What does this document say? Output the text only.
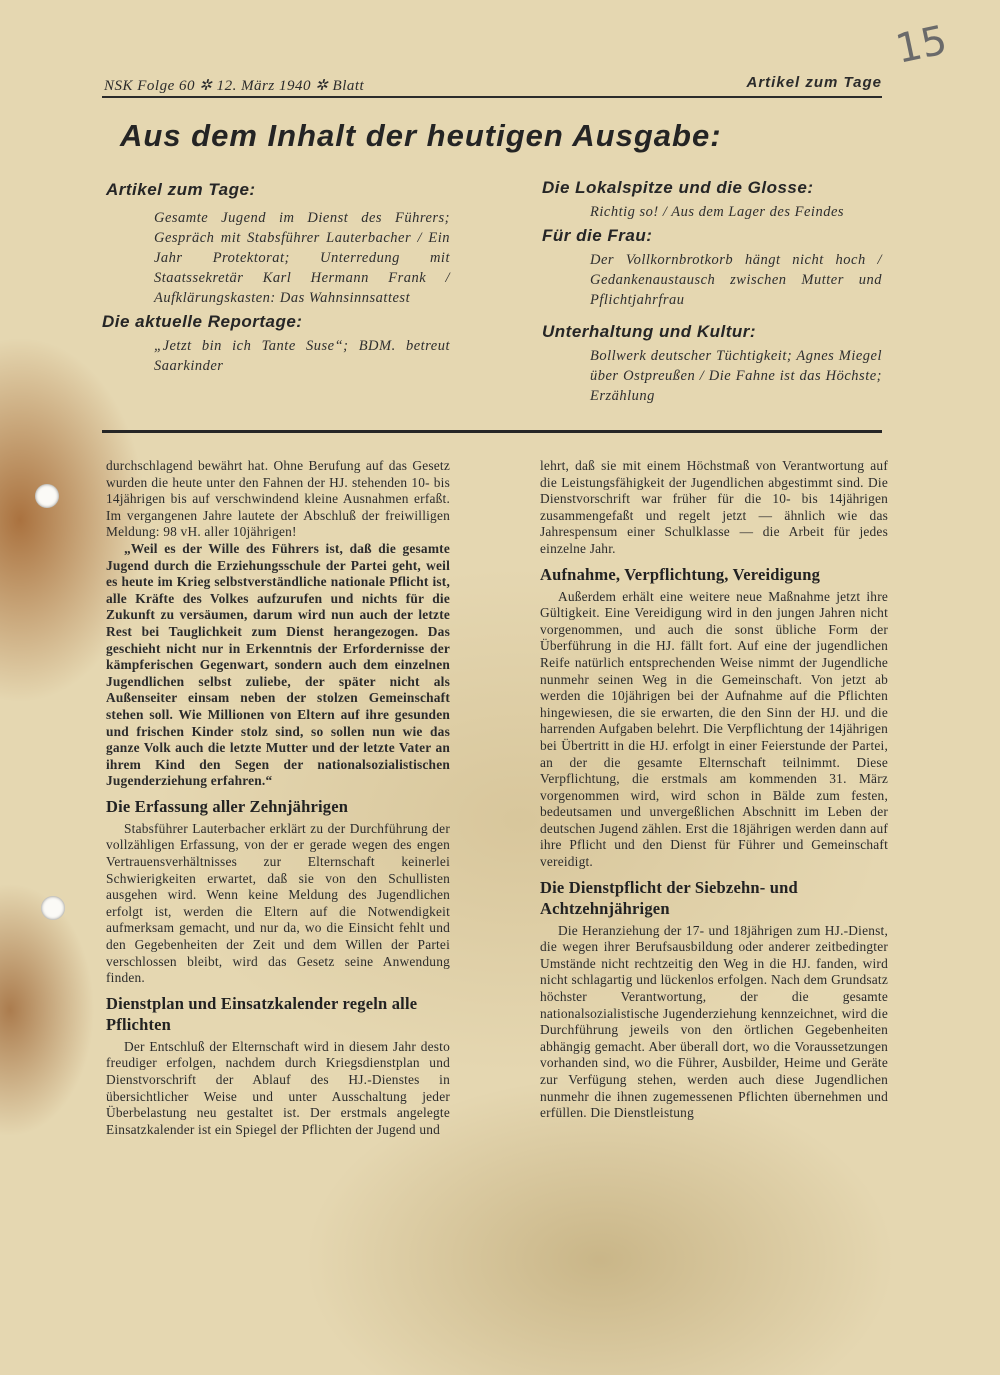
15
NSK Folge 60 ✲ 12. März 1940 ✲ Blatt	Artikel zum Tage
Aus dem Inhalt der heutigen Ausgabe:
Artikel zum Tage:
Gesamte Jugend im Dienst des Führers; Gespräch mit Stabsführer Lauterbacher / Ein Jahr Protektorat; Unterredung mit Staatssekretär Karl Hermann Frank / Aufklärungskasten: Das Wahnsinnsattest
Die aktuelle Reportage:
„Jetzt bin ich Tante Suse“; BDM. betreut Saarkinder
Die Lokalspitze und die Glosse:
Richtig so! / Aus dem Lager des Feindes
Für die Frau:
Der Vollkornbrotkorb hängt nicht hoch / Gedankenaustausch zwischen Mutter und Pflichtjahrfrau
Unterhaltung und Kultur:
Bollwerk deutscher Tüchtigkeit; Agnes Miegel über Ostpreußen / Die Fahne ist das Höchste; Erzählung

durchschlagend bewährt hat. Ohne Berufung auf das Gesetz wurden die heute unter den Fahnen der HJ. stehenden 10- bis 14jährigen bis auf verschwindend kleine Ausnahmen erfaßt. Im vergangenen Jahre lautete der Abschluß der freiwilligen Meldung: 98 vH. aller 10jährigen!

„Weil es der Wille des Führers ist, daß die gesamte Jugend durch die Erziehungsschule der Partei geht, weil es heute im Krieg selbstverständliche nationale Pflicht ist, alle Kräfte des Volkes aufzurufen und nichts für die Zukunft zu versäumen, darum wird nun auch der letzte Rest bei Tauglichkeit zum Dienst herangezogen. Das geschieht nicht nur in Erkenntnis der Erfordernisse der kämpferischen Gegenwart, sondern auch dem einzelnen Jugendlichen selbst zuliebe, der später nicht als Außenseiter einsam neben der stolzen Gemeinschaft stehen soll. Wie Millionen von Eltern auf ihre gesunden und frischen Kinder stolz sind, so sollen nun wie das ganze Volk auch die letzte Mutter und der letzte Vater an ihrem Kind den Segen der nationalsozialistischen Jugenderziehung erfahren.“

Die Erfassung aller Zehnjährigen

Stabsführer Lauterbacher erklärt zu der Durchführung der vollzähligen Erfassung, von der er gerade wegen des engen Vertrauensverhältnisses zur Elternschaft keinerlei Schwierigkeiten erwartet, daß sie von den Schullisten ausgehen wird. Wenn keine Meldung des Jugendlichen erfolgt ist, werden die Eltern auf die Notwendigkeit aufmerksam gemacht, und nur da, wo die Einsicht fehlt und den Gegebenheiten der Zeit und dem Willen der Partei verschlossen bleibt, wird das Gesetz seine Anwendung finden.

Dienstplan und Einsatzkalender regeln alle Pflichten

Der Entschluß der Elternschaft wird in diesem Jahr desto freudiger erfolgen, nachdem durch Kriegsdienstplan und Dienstvorschrift der Ablauf des HJ.-Dienstes in übersichtlicher Weise und unter Ausschaltung jeder Überbelastung neu gestaltet ist. Der erstmals angelegte Einsatzkalender ist ein Spiegel der Pflichten der Jugend und

lehrt, daß sie mit einem Höchstmaß von Verantwortung auf die Leistungsfähigkeit der Jugendlichen abgestimmt sind. Die Dienstvorschrift war früher für die 10- bis 14jährigen zusammengefaßt und regelt jetzt — ähnlich wie das Jahrespensum einer Schulklasse — die Arbeit für jedes einzelne Jahr.

Aufnahme, Verpflichtung, Vereidigung

Außerdem erhält eine weitere neue Maßnahme jetzt ihre Gültigkeit. Eine Vereidigung wird in den jungen Jahren nicht vorgenommen, und auch die sonst übliche Form der Überführung in die HJ. fällt fort. Auf eine der jugendlichen Reife natürlich entsprechenden Weise nimmt der Jugendliche nunmehr seinen Weg in die Gemeinschaft. Von jetzt ab werden die 10jährigen bei der Aufnahme auf die Pflichten hingewiesen, die sie erwarten, die den Sinn der HJ. und die harrenden Aufgaben belehrt. Die Verpflichtung der 14jährigen bei Übertritt in die HJ. erfolgt in einer Feierstunde der Partei, an der die gesamte Elternschaft teilnimmt. Diese Verpflichtung, die erstmals am kommenden 31. März vorgenommen wird, wird schon in Bälde zum festen, bedeutsamen und unvergeßlichen Abschnitt im Leben der deutschen Jugend zählen. Erst die 18jährigen werden dann auf ihre Pflicht und den Dienst für Führer und Gemeinschaft vereidigt.

Die Dienstpflicht der Siebzehn- und Achtzehnjährigen

Die Heranziehung der 17- und 18jährigen zum HJ.-Dienst, die wegen ihrer Berufsausbildung oder anderer zeitbedingter Umstände nicht rechtzeitig den Weg in die HJ. fanden, wird nicht schlagartig und lückenlos erfolgen. Nach dem Grundsatz höchster Verantwortung, der die gesamte nationalsozialistische Jugenderziehung kennzeichnet, wird die Durchführung jeweils von den örtlichen Gegebenheiten abhängig gemacht. Aber überall dort, wo die Voraussetzungen vorhanden sind, wo die Führer, Ausbilder, Heime und Geräte zur Verfügung stehen, werden auch diese Jugendlichen nunmehr die ihnen zugemessenen Pflichten übernehmen und erfüllen. Die Dienstleistung
